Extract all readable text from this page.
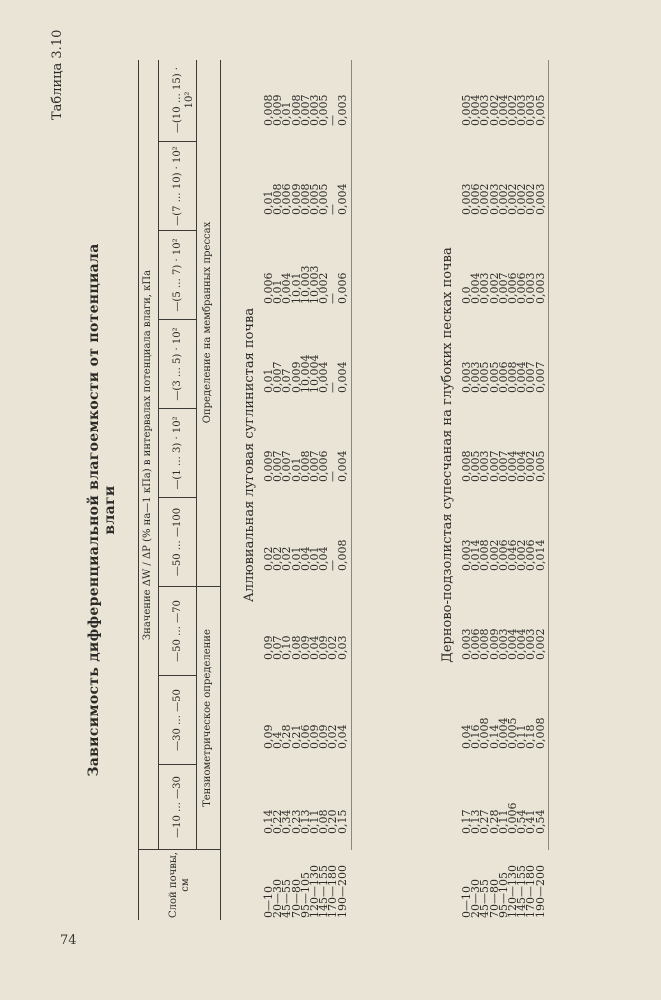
74
Зависимость дифференциальной влагоемкости от потенциала влаги
Таблица 3.10
Слой почвы, см
Значение ΔW / ΔP (% на—1 кПа) в интервалах потенциала влаги, кПа
—10 … —30
—30 … —50
—50 … —70
—50 … —100
—(1 … 3) · 10²
—(3 … 5) · 10²
—(5 … 7) · 10²
—(7 … 10) · 10²
—(10 … 15) · 10²
Тензиометрическое определение
Определение на мембранных прессах Аллювиальная луговая суглинистая почва	Дерново-подзолистая супесчаная на глубоких песках почва
0—10
20—30
45—55
70—80
95—105
120—130
145—155
170—180
190—200
0,14
0,22
0,34
0,23
0,13
0,11
0,08
0,20
0,15
0,09
0,4
0,28
0,21
0,06
0,09
0,09
0,02
0,04
0,09
0,07
0,10
0,08
0,09
0,04
0,09
0,02
0,03
0,02
0,02
0,02
0,01
0,04
0,01
0,04
—
0,008
0,009
0,007
0,007
0,01
0,008
0,007
0,006
—
0,004
0,01
0,007
0,07
0,009
10,004
10,004
0,004
—
0,004
0,006
0,01
0,004
10,01
10,003
10,003
0,002
—
0,006
0,01
0,008
0,006
0,009
0,008
0,005
0,005
—
0,004
0,008
0,009
0,01
0,008
0,007
0,003
0,005
—
0,003
0—10
20—30
45—55
70—80
95—105
120—130
145—155
170—180
190—200
0,17
0,13
0,27
0,28
0,11
0,006
0,54
0,41
0,54
0,04
0,16
0,008
0,14
0,004
0,005
0,11
0,18
0,008
0,003
0,006
0,008
0,009
0,003
0,004
0,004
0,003
0,002
0,003
0,014
0,008
0,002
0,006
0,046
0,002
0,006
0,014
0,008
0,005
0,003
0,007
0,007
0,004
0,004
0,002
0,005
0,003
0,003
0,005
0,005
0,006
0,008
0,004
0,007
0,007
0,0
0,004
0,003
0,002
0,007
0,006
0,006
0,003
0,003
0,003
0,006
0,002
0,003
0,002
0,002
0,002
0,002
0,003
0,005
0,004
0,003
0,002
0,004
0,002
0,003
0,003
0,005
